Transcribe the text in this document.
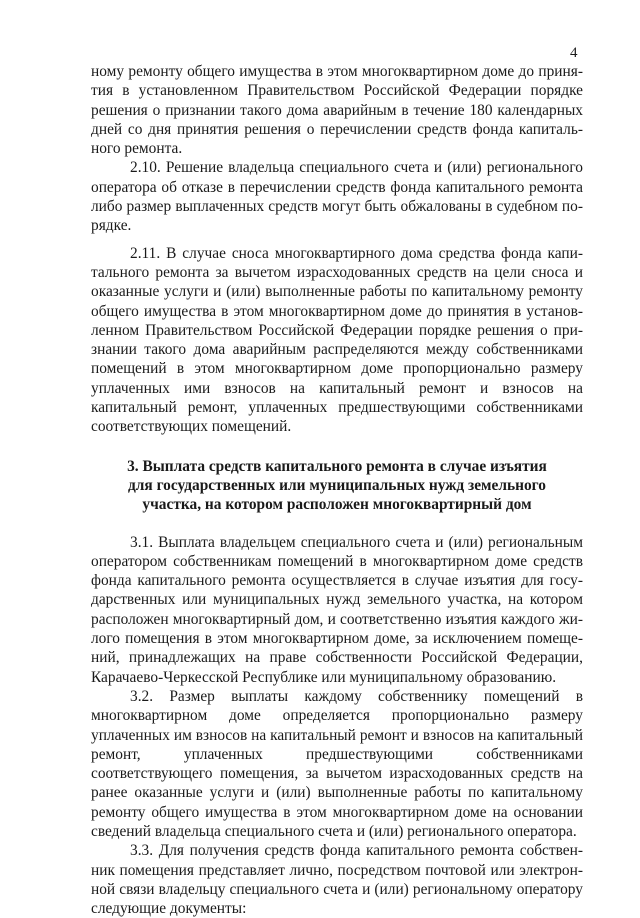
4

ному ремонту общего имущества в этом многоквартирном доме до принятия в установленном Правительством Российской Федерации порядке решения о признании такого дома аварийным в течение 180 календарных дней со дня принятия решения о перечислении средств фонда капитального ремонта.

2.10. Решение владельца специального счета и (или) регионального оператора об отказе в перечислении средств фонда капитального ремонта либо размер выплаченных средств могут быть обжалованы в судебном порядке.

2.11. В случае сноса многоквартирного дома средства фонда капитального ремонта за вычетом израсходованных средств на цели сноса и оказанные услуги и (или) выполненные работы по капитальному ремонту общего имущества в этом многоквартирном доме до принятия в установленном Правительством Российской Федерации порядке решения о признании такого дома аварийным распределяются между собственниками помещений в этом многоквартирном доме пропорционально размеру уплаченных ими взносов на капитальный ремонт и взносов на капитальный ремонт, уплаченных предшествующими собственниками соответствующих помещений.

3. Выплата средств капитального ремонта в случае изъятия
для государственных или муниципальных нужд земельного
участка, на котором расположен многоквартирный дом

3.1. Выплата владельцем специального счета и (или) региональным оператором собственникам помещений в многоквартирном доме средств фонда капитального ремонта осуществляется в случае изъятия для государственных или муниципальных нужд земельного участка, на котором расположен многоквартирный дом, и соответственно изъятия каждого жилого помещения в этом многоквартирном доме, за исключением помещений, принадлежащих на праве собственности Российской Федерации, Карачаево-Черкесской Республике или муниципальному образованию.

3.2. Размер выплаты каждому собственнику помещений в многоквартирном доме определяется пропорционально размеру уплаченных им взносов на капитальный ремонт и взносов на капитальный ремонт, уплаченных предшествующими собственниками соответствующего помещения, за вычетом израсходованных средств на ранее оказанные услуги и (или) выполненные работы по капитальному ремонту общего имущества в этом многоквартирном доме на основании сведений владельца специального счета и (или) регионального оператора.

3.3. Для получения средств фонда капитального ремонта собственник помещения представляет лично, посредством почтовой или электронной связи владельцу специального счета и (или) региональному оператору следующие документы:
